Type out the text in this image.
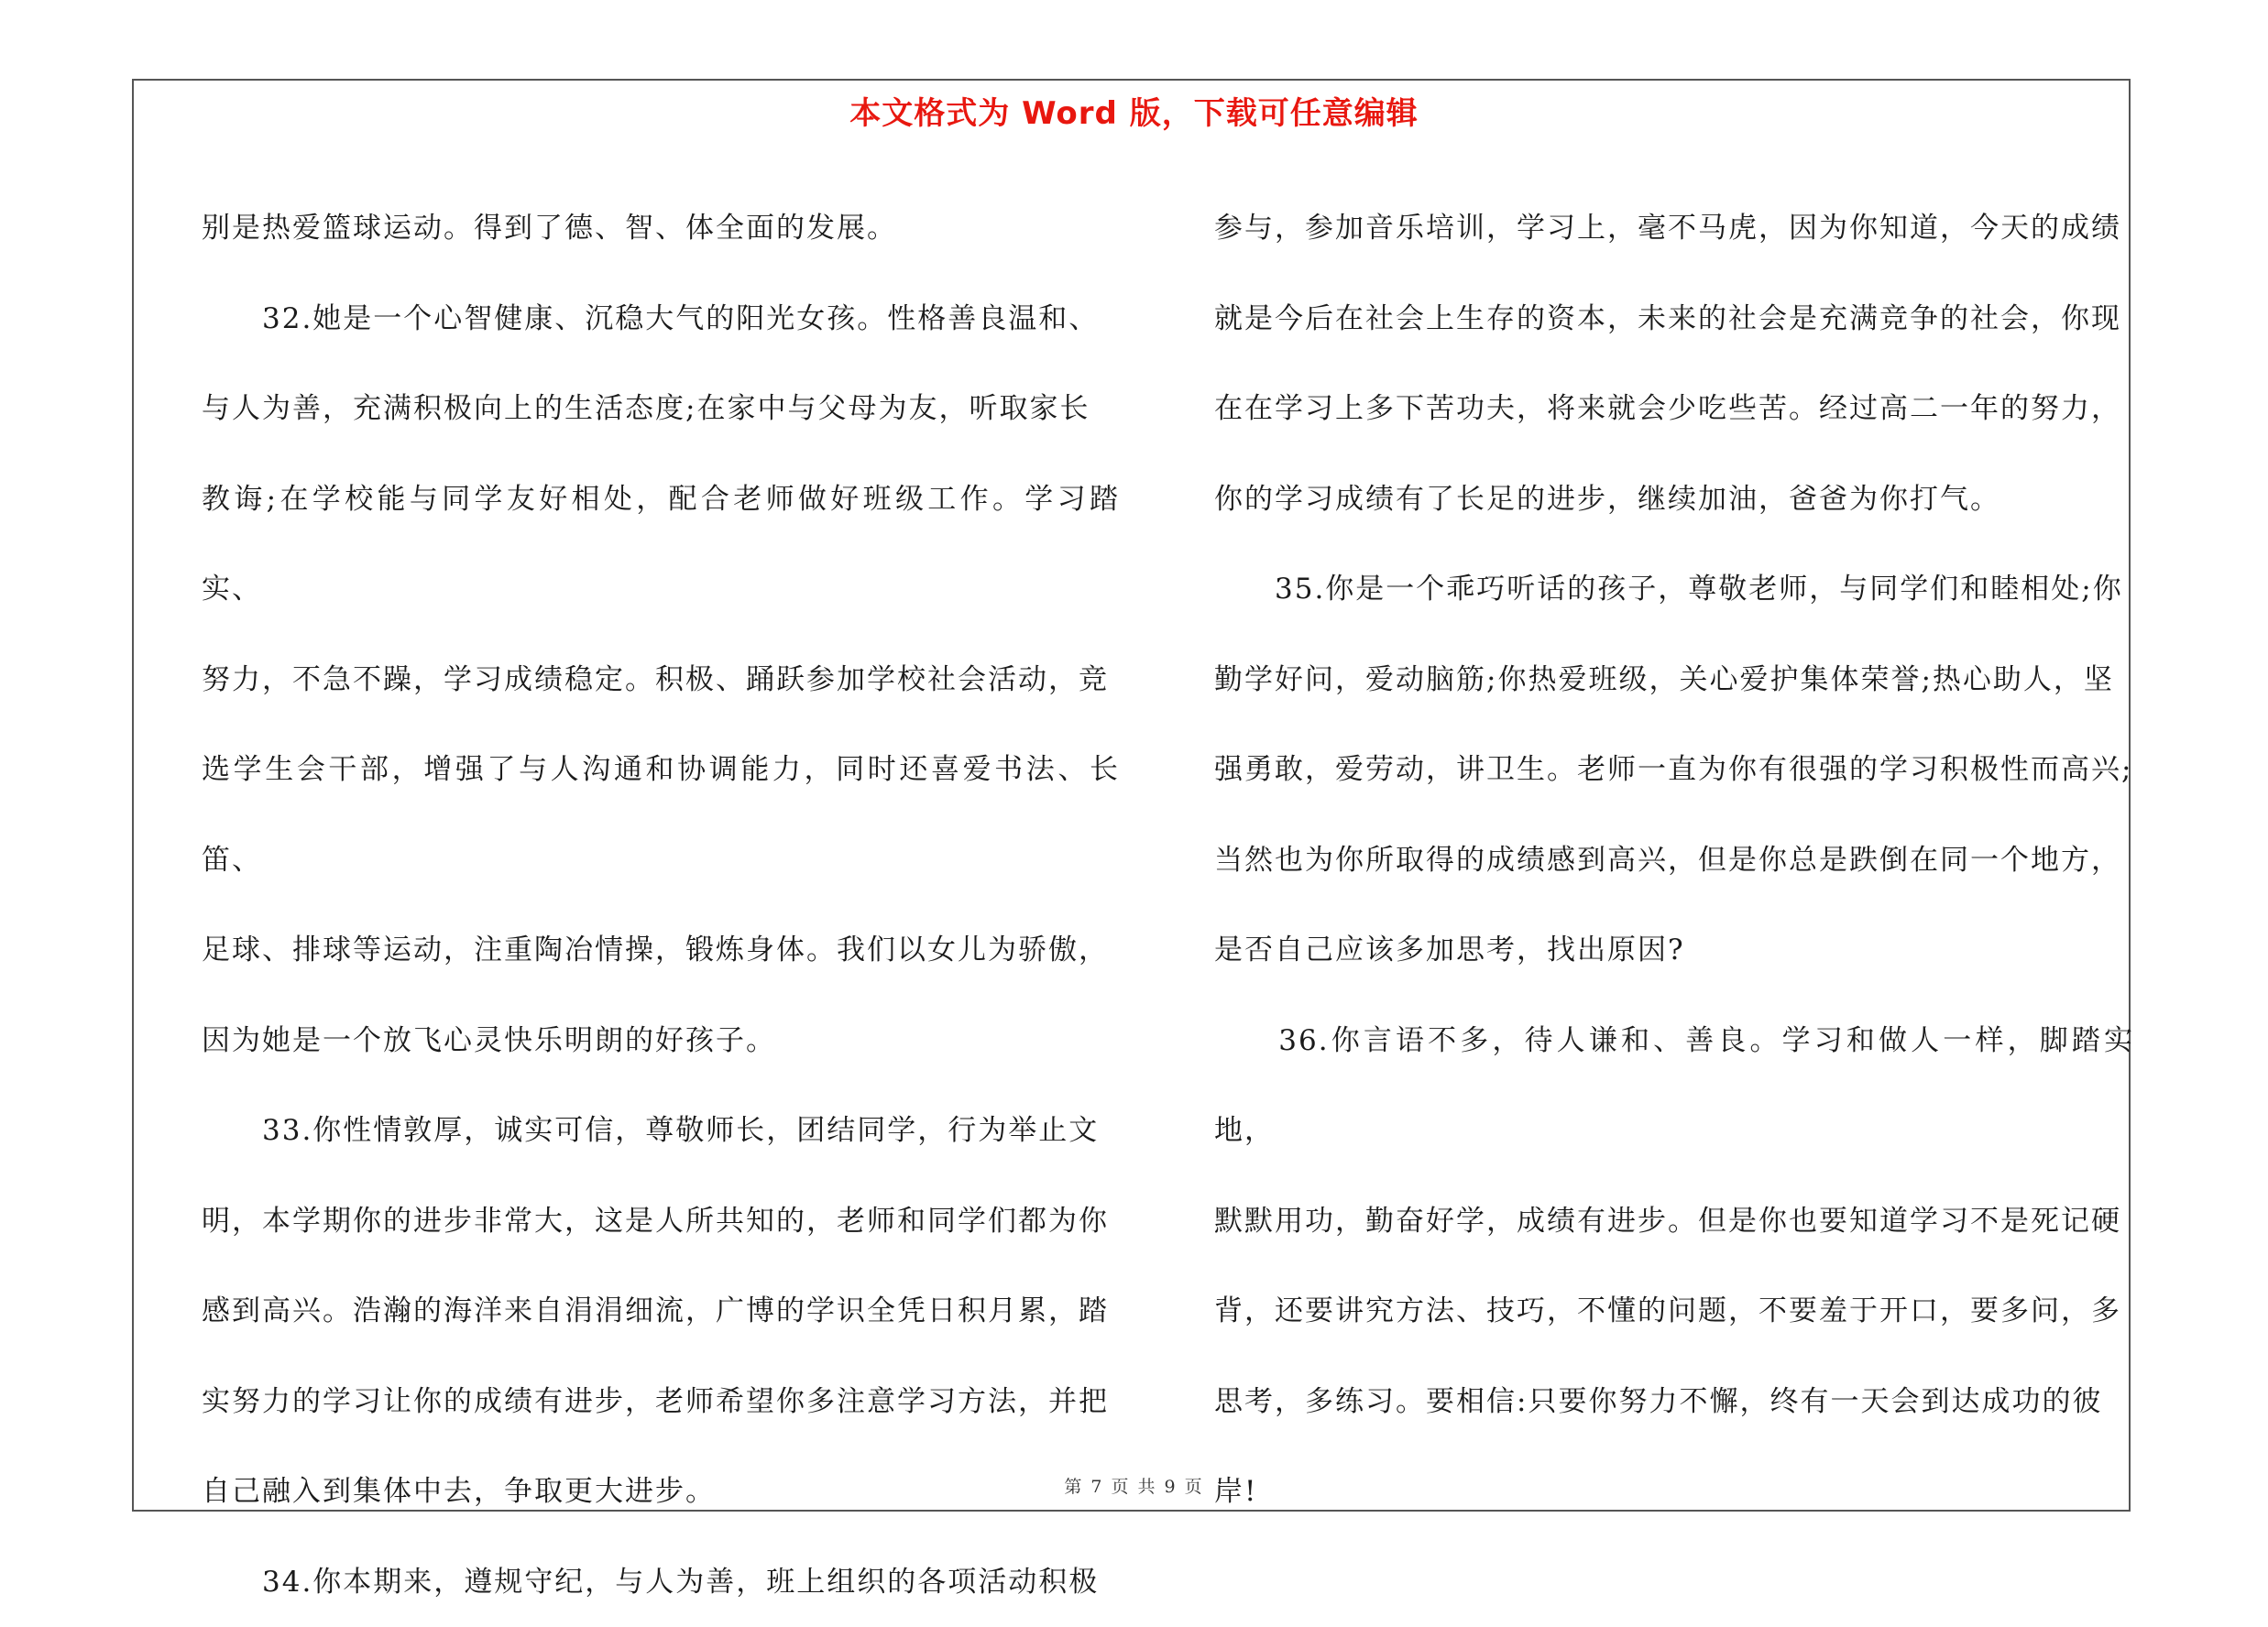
本文格式为 Word 版，下载可任意编辑

别是热爱篮球运动。得到了德、智、体全面的发展。

　　32.她是一个心智健康、沉稳大气的阳光女孩。性格善良温和、

与人为善，充满积极向上的生活态度;在家中与父母为友，听取家长

教诲;在学校能与同学友好相处，配合老师做好班级工作。学习踏实、

努力，不急不躁，学习成绩稳定。积极、踊跃参加学校社会活动，竞

选学生会干部，增强了与人沟通和协调能力，同时还喜爱书法、长笛、

足球、排球等运动，注重陶冶情操，锻炼身体。我们以女儿为骄傲，

因为她是一个放飞心灵快乐明朗的好孩子。

　　33.你性情敦厚，诚实可信，尊敬师长，团结同学，行为举止文

明，本学期你的进步非常大，这是人所共知的，老师和同学们都为你

感到高兴。浩瀚的海洋来自涓涓细流，广博的学识全凭日积月累，踏

实努力的学习让你的成绩有进步，老师希望你多注意学习方法，并把

自己融入到集体中去，争取更大进步。

　　34.你本期来，遵规守纪，与人为善，班上组织的各项活动积极

参与，参加音乐培训，学习上，毫不马虎，因为你知道，今天的成绩

就是今后在社会上生存的资本，未来的社会是充满竞争的社会，你现

在在学习上多下苦功夫，将来就会少吃些苦。经过高二一年的努力，

你的学习成绩有了长足的进步，继续加油，爸爸为你打气。

　　35.你是一个乖巧听话的孩子，尊敬老师，与同学们和睦相处;你

勤学好问，爱动脑筋;你热爱班级，关心爱护集体荣誉;热心助人，坚

强勇敢，爱劳动，讲卫生。老师一直为你有很强的学习积极性而高兴;

当然也为你所取得的成绩感到高兴，但是你总是跌倒在同一个地方，

是否自己应该多加思考，找出原因?

　　36.你言语不多，待人谦和、善良。学习和做人一样，脚踏实地，

默默用功，勤奋好学，成绩有进步。但是你也要知道学习不是死记硬

背，还要讲究方法、技巧，不懂的问题，不要羞于开口，要多问，多

思考，多练习。要相信:只要你努力不懈，终有一天会到达成功的彼

岸!

第 7 页 共 9 页
